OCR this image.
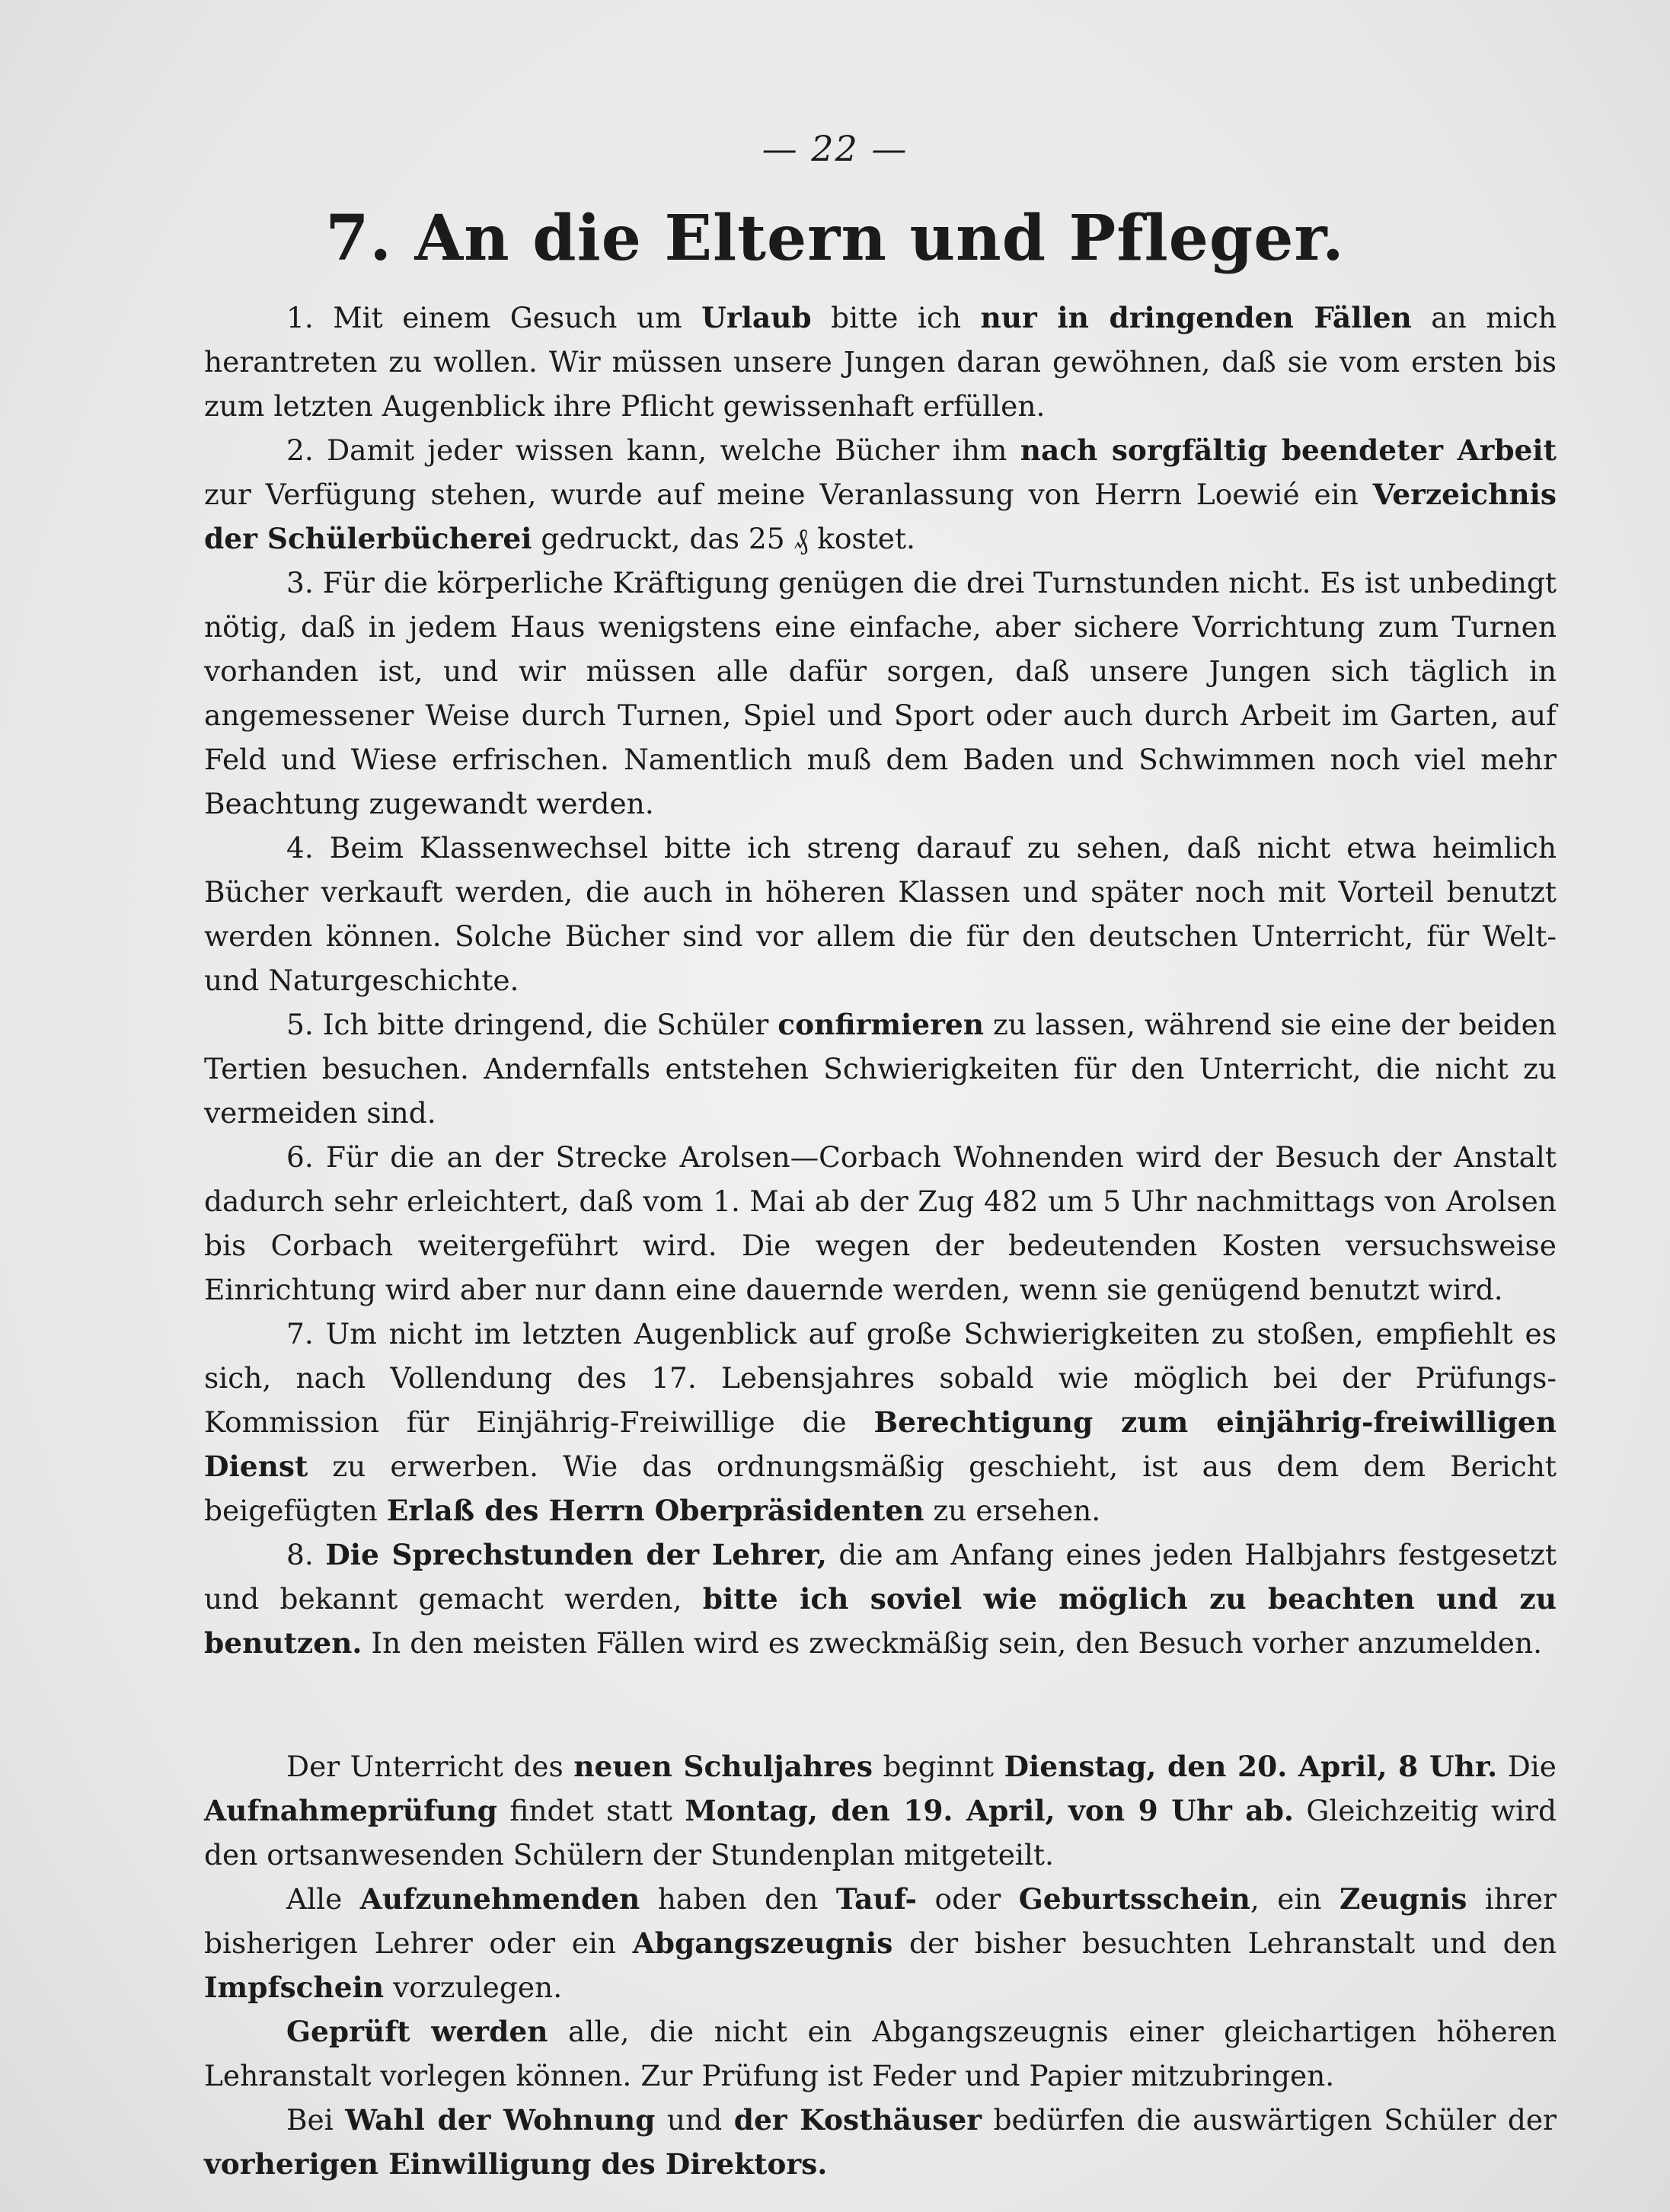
— 22 —
7. An die Eltern und Pfleger.

1. Mit einem Gesuch um Urlaub bitte ich nur in dringenden Fällen an mich herantreten zu wollen. Wir müssen unsere Jungen daran gewöhnen, daß sie vom ersten bis zum letzten Augenblick ihre Pflicht gewissenhaft erfüllen.

2. Damit jeder wissen kann, welche Bücher ihm nach sorgfältig beendeter Arbeit zur Verfügung stehen, wurde auf meine Veranlassung von Herrn Loewié ein Verzeichnis der Schülerbücherei gedruckt, das 25 ₰ kostet.

3. Für die körperliche Kräftigung genügen die drei Turnstunden nicht. Es ist unbedingt nötig, daß in jedem Haus wenigstens eine einfache, aber sichere Vorrichtung zum Turnen vorhanden ist, und wir müssen alle dafür sorgen, daß unsere Jungen sich täglich in angemessener Weise durch Turnen, Spiel und Sport oder auch durch Arbeit im Garten, auf Feld und Wiese erfrischen. Namentlich muß dem Baden und Schwimmen noch viel mehr Beachtung zugewandt werden.

4. Beim Klassenwechsel bitte ich streng darauf zu sehen, daß nicht etwa heimlich Bücher verkauft werden, die auch in höheren Klassen und später noch mit Vorteil benutzt werden können. Solche Bücher sind vor allem die für den deutschen Unterricht, für Welt- und Naturgeschichte.

5. Ich bitte dringend, die Schüler confirmieren zu lassen, während sie eine der beiden Tertien besuchen. Andernfalls entstehen Schwierigkeiten für den Unterricht, die nicht zu vermeiden sind.

6. Für die an der Strecke Arolsen—Corbach Wohnenden wird der Besuch der Anstalt dadurch sehr erleichtert, daß vom 1. Mai ab der Zug 482 um 5 Uhr nachmittags von Arolsen bis Corbach weitergeführt wird. Die wegen der bedeutenden Kosten versuchsweise Einrichtung wird aber nur dann eine dauernde werden, wenn sie genügend benutzt wird.

7. Um nicht im letzten Augenblick auf große Schwierigkeiten zu stoßen, empfiehlt es sich, nach Vollendung des 17. Lebensjahres sobald wie möglich bei der Prüfungs-Kommission für Einjährig-Freiwillige die Berechtigung zum einjährig-freiwilligen Dienst zu erwerben. Wie das ordnungsmäßig geschieht, ist aus dem dem Bericht beigefügten Erlaß des Herrn Oberpräsidenten zu ersehen.

8. Die Sprechstunden der Lehrer, die am Anfang eines jeden Halbjahrs festgesetzt und bekannt gemacht werden, bitte ich soviel wie möglich zu beachten und zu benutzen. In den meisten Fällen wird es zweckmäßig sein, den Besuch vorher anzumelden.

Der Unterricht des neuen Schuljahres beginnt Dienstag, den 20. April, 8 Uhr. Die Aufnahmeprüfung findet statt Montag, den 19. April, von 9 Uhr ab. Gleichzeitig wird den ortsanwesenden Schülern der Stundenplan mitgeteilt.

Alle Aufzunehmenden haben den Tauf- oder Geburtsschein, ein Zeugnis ihrer bisherigen Lehrer oder ein Abgangszeugnis der bisher besuchten Lehranstalt und den Impfschein vorzulegen.

Geprüft werden alle, die nicht ein Abgangszeugnis einer gleichartigen höheren Lehranstalt vorlegen können. Zur Prüfung ist Feder und Papier mitzubringen.

Bei Wahl der Wohnung und der Kosthäuser bedürfen die auswärtigen Schüler der vorherigen Einwilligung des Direktors.
